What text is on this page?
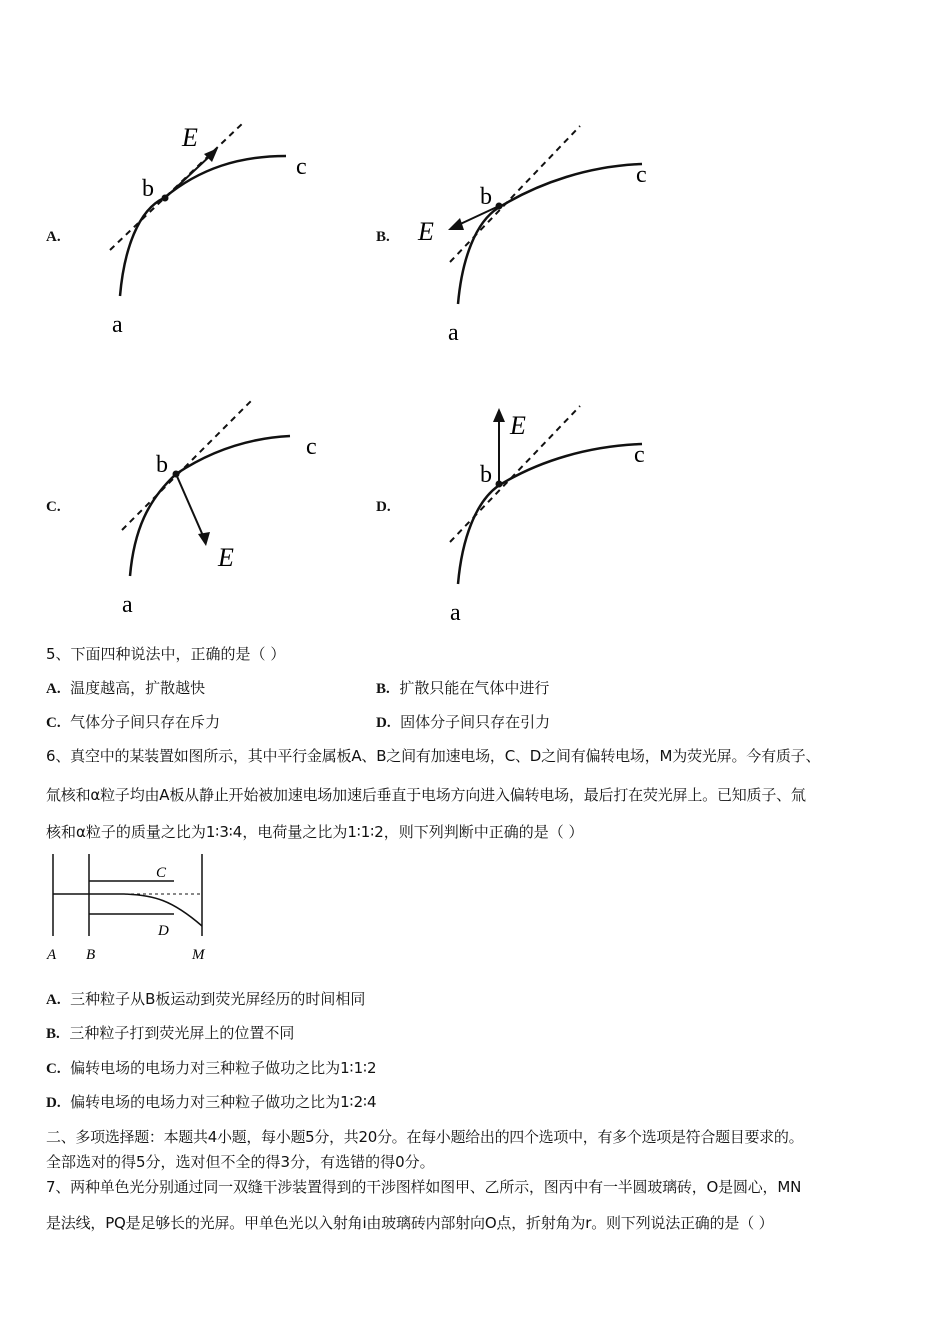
A.
E
b
c
a
B. E
b
c
a
C.
E
b
c
a
D.
E
b
c
a
5、下面四种说法中，正确的是（ ）
A. 温度越高，扩散越快	B. 扩散只能在气体中进行
C. 气体分子间只存在斥力	D. 固体分子间只存在引力
6、真空中的某装置如图所示，其中平行金属板A、B之间有加速电场，C、D之间有偏转电场，M为荧光屏。今有质子、
氚核和α粒子均由A板从静止开始被加速电场加速后垂直于电场方向进入偏转电场，最后打在荧光屏上。已知质子、氚
核和α粒子的质量之比为1∶3∶4，电荷量之比为1∶1∶2，则下列判断中正确的是（ ）
C
D
A B	M
A. 三种粒子从B板运动到荧光屏经历的时间相同
B. 三种粒子打到荧光屏上的位置不同
C. 偏转电场的电场力对三种粒子做功之比为1∶1∶2
D. 偏转电场的电场力对三种粒子做功之比为1∶2∶4
二、多项选择题：本题共4小题，每小题5分，共20分。在每小题给出的四个选项中，有多个选项是符合题目要求的。
全部选对的得5分，选对但不全的得3分，有选错的得0分。
7、两种单色光分别通过同一双缝干涉装置得到的干涉图样如图甲、乙所示，图丙中有一半圆玻璃砖，O是圆心，MN
是法线，PQ是足够长的光屏。甲单色光以入射角i由玻璃砖内部射向O点，折射角为r。则下列说法正确的是（ ）
